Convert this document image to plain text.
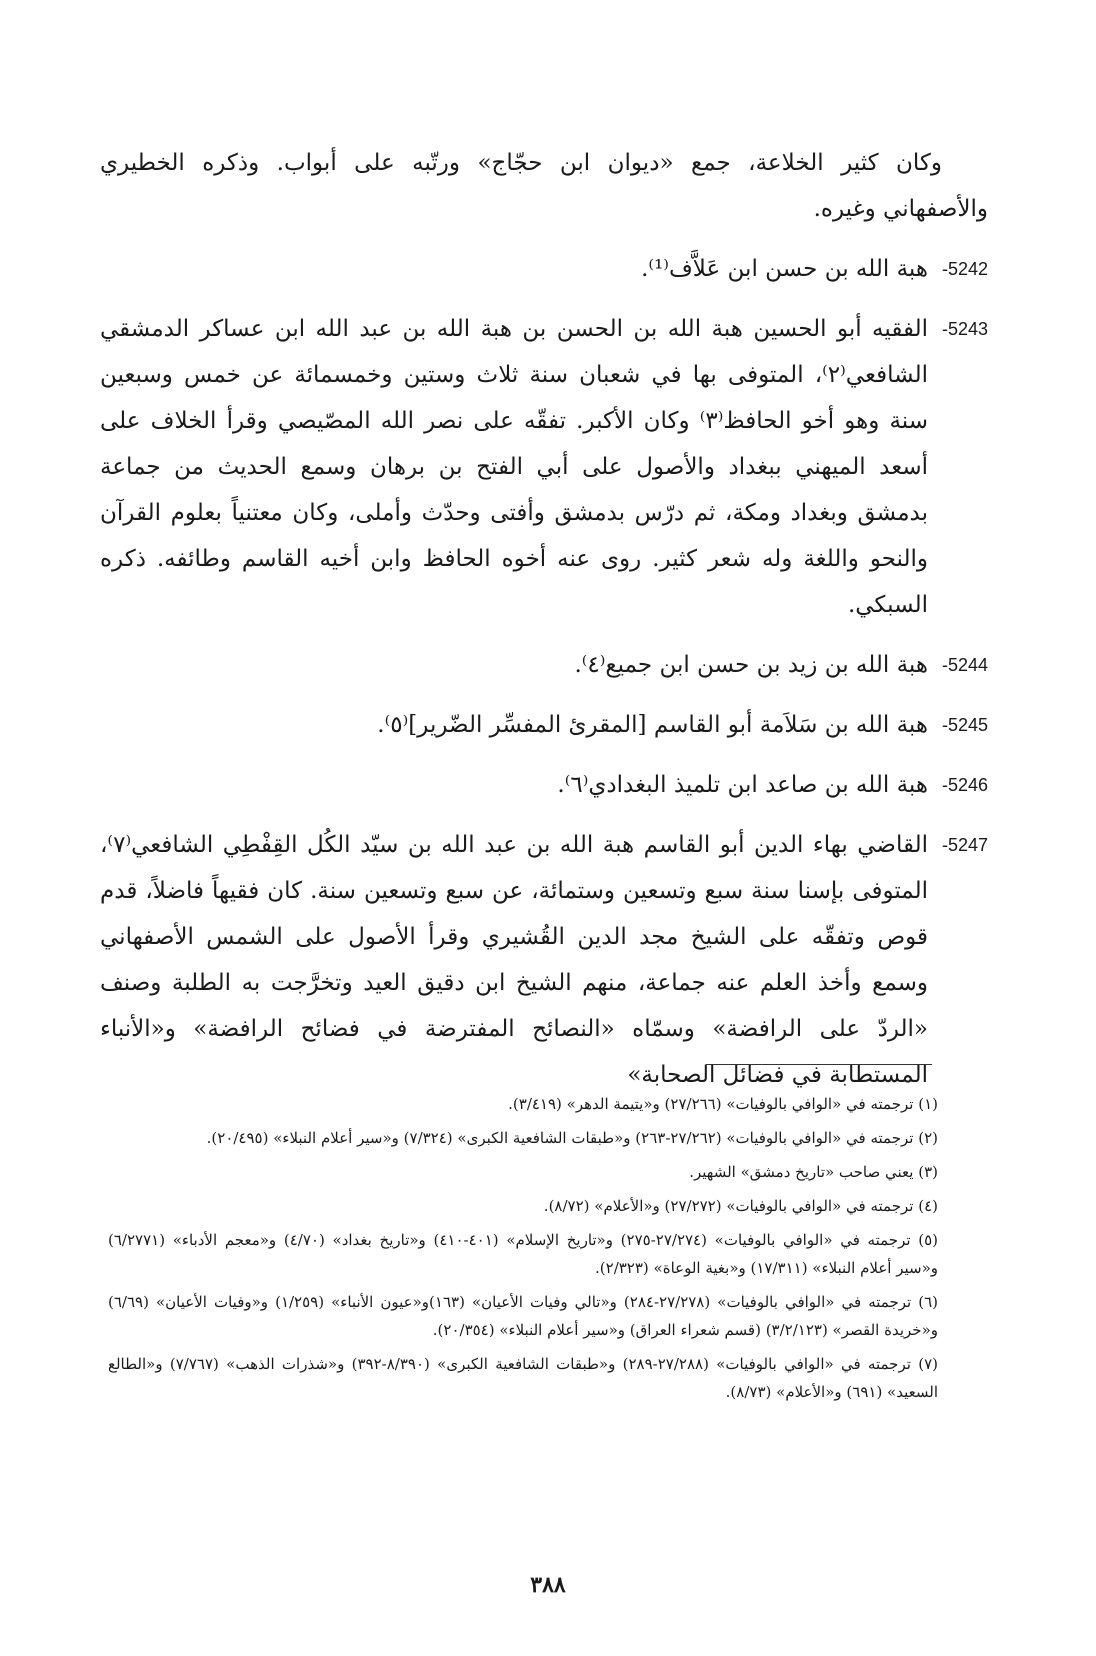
وكان كثير الخلاعة، جمع «ديوان ابن حجّاج» ورتّبه على أبواب. وذكره الخطيري والأصفهاني وغيره.

5242-
هبة الله بن حسن ابن عَلاَّف⁽¹⁾.
5243-
الفقيه أبو الحسين هبة الله بن الحسن بن هبة الله بن عبد الله ابن عساكر الدمشقي الشافعي⁽٢⁾، المتوفى بها في شعبان سنة ثلاث وستين وخمسمائة عن خمس وسبعين سنة وهو أخو الحافظ⁽٣⁾ وكان الأكبر. تفقّه على نصر الله المصّيصي وقرأ الخلاف على أسعد الميهني ببغداد والأصول على أبي الفتح بن برهان وسمع الحديث من جماعة بدمشق وبغداد ومكة، ثم درّس بدمشق وأفتى وحدّث وأملى، وكان معتنياً بعلوم القرآن والنحو واللغة وله شعر كثير. روى عنه أخوه الحافظ وابن أخيه القاسم وطائفه. ذكره السبكي.
5244-
هبة الله بن زيد بن حسن ابن جميع⁽٤⁾.
5245-
هبة الله بن سَلاَمة أبو القاسم [المقرئ المفسِّر الضّرير]⁽٥⁾.
5246-
هبة الله بن صاعد ابن تلميذ البغدادي⁽٦⁾.
5247-
القاضي بهاء الدين أبو القاسم هبة الله بن عبد الله بن سيّد الكُل القِفْطِي الشافعي⁽٧⁾، المتوفى بإسنا سنة سبع وتسعين وستمائة، عن سبع وتسعين سنة. كان فقيهاً فاضلاً، قدم قوص وتفقّه على الشيخ مجد الدين القُشيري وقرأ الأصول على الشمس الأصفهاني وسمع وأخذ العلم عنه جماعة، منهم الشيخ ابن دقيق العيد وتخرَّجت به الطلبة وصنف «الردّ على الرافضة» وسمّاه «النصائح المفترضة في فضائح الرافضة» و«الأنباء المستطابة في فضائل الصحابة»

(١) ترجمته في «الوافي بالوفيات» (٢٧/٢٦٦) و«يتيمة الدهر» (٣/٤١٩).

(٢) ترجمته في «الوافي بالوفيات» (٢٧/٢٦٢-٢٦٣) و«طبقات الشافعية الكبرى» (٧/٣٢٤) و«سير أعلام النبلاء» (٢٠/٤٩٥).

(٣) يعني صاحب «تاريخ دمشق» الشهير.

(٤) ترجمته في «الوافي بالوفيات» (٢٧/٢٧٢) و«الأعلام» (٨/٧٢).

(٥) ترجمته في «الوافي بالوفيات» (٢٧/٢٧٤-٢٧٥) و«تاريخ الإسلام» (٤٠١-٤١٠) و«تاريخ بغداد» (٤/٧٠) و«معجم الأدباء» (٦/٢٧٧١) و«سير أعلام النبلاء» (١٧/٣١١) و«بغية الوعاة» (٢/٣٢٣).

(٦) ترجمته في «الوافي بالوفيات» (٢٧/٢٧٨-٢٨٤) و«تالي وفيات الأعيان» (١٦٣)و«عيون الأنباء» (١/٢٥٩) و«وفيات الأعيان» (٦/٦٩) و«خريدة القصر» (٣/٢/١٢٣) (قسم شعراء العراق) و«سير أعلام النبلاء» (٢٠/٣٥٤).

(٧) ترجمته في «الوافي بالوفيات» (٢٧/٢٨٨-٢٨٩) و«طبقات الشافعية الكبرى» (٨/٣٩٠-٣٩٢) و«شذرات الذهب» (٧/٧٦٧) و«الطالع السعيد» (٦٩١) و«الأعلام» (٨/٧٣).

٣٨٨
